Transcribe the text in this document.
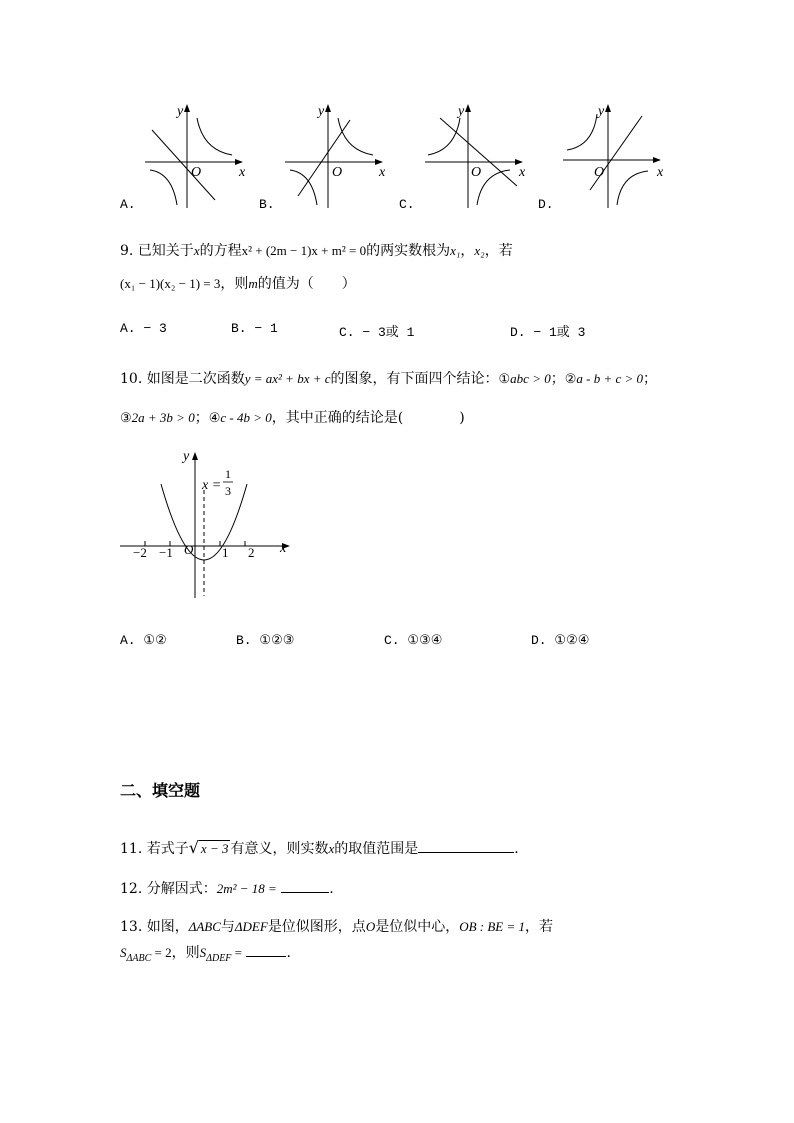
y
x
O
y
x
O
y
x
O
y
x
O
A.	B.	C.	D.
9. 已知关于x的方程x² + (2m − 1)x + m² = 0的两实数根为x₁，x₂，若
(x₁ − 1)(x₂ − 1) = 3，则m的值为（　　）
A. − 3	B. − 1	C. − 3或 1	D. − 1或 3
10. 如图是二次函数y = ax² + bx + c的图象，有下面四个结论：①abc > 0；②a - b + c > 0；
③2a + 3b > 0；④c - 4b > 0，其中正确的结论是(　　　　)
y
x
O
x =
1
3
−2 −1	1 2
A. ①②	B. ①②③	C. ①③④	D. ①②④
二、填空题
11. 若式子√ x − 3 有意义，则实数x的取值范围是	.
12. 分解因式：2m² − 18 =	.
13. 如图，ΔABC与ΔDEF是位似图形，点O是位似中心，OB : BE = 1，若
$S_{\Delta ABC} = 2$，则$S_{\Delta DEF}$ =	.
